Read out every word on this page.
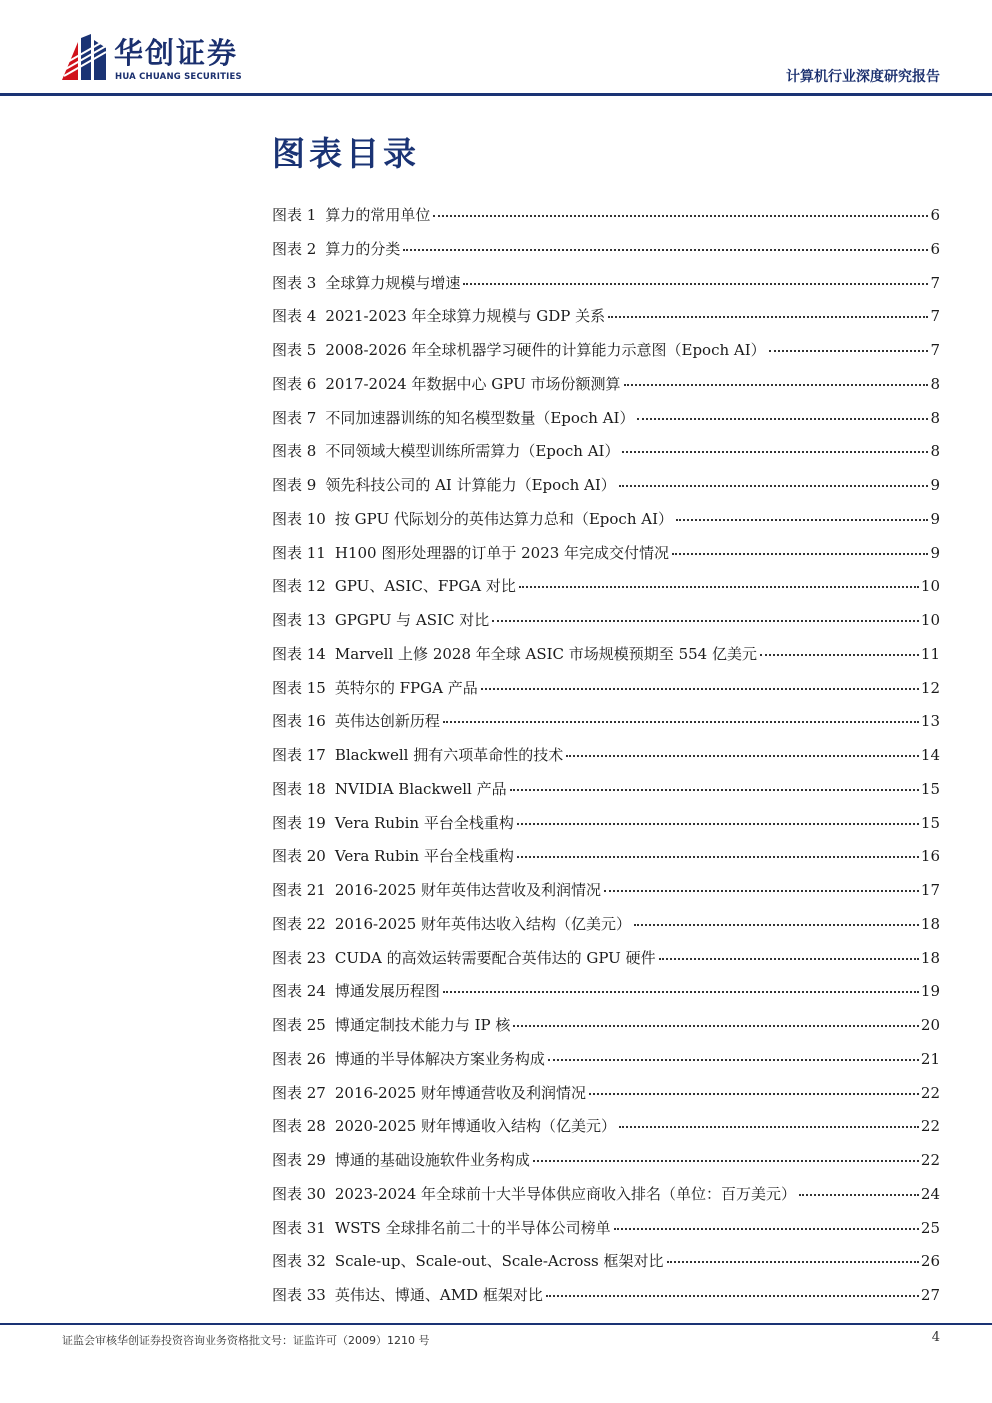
华创证券
HUA CHUANG SECURITIES	计算机行业深度研究报告
图表目录
图表 1 算力的常用单位	6
图表 2 算力的分类	6
图表 3 全球算力规模与增速	7
图表 4 2021-2023 年全球算力规模与 GDP 关系	7
图表 5 2008-2026 年全球机器学习硬件的计算能力示意图（Epoch AI）	7
图表 6 2017-2024 年数据中心 GPU 市场份额测算	8
图表 7 不同加速器训练的知名模型数量（Epoch AI）	8
图表 8 不同领域大模型训练所需算力（Epoch AI）	8
图表 9 领先科技公司的 AI 计算能力（Epoch AI）	9
图表 10 按 GPU 代际划分的英伟达算力总和（Epoch AI）	9
图表 11 H100 图形处理器的订单于 2023 年完成交付情况	9
图表 12 GPU、ASIC、FPGA 对比	10
图表 13 GPGPU 与 ASIC 对比	10
图表 14 Marvell 上修 2028 年全球 ASIC 市场规模预期至 554 亿美元	11
图表 15 英特尔的 FPGA 产品	12
图表 16 英伟达创新历程	13
图表 17 Blackwell 拥有六项革命性的技术	14
图表 18 NVIDIA Blackwell 产品	15
图表 19 Vera Rubin 平台全栈重构	15
图表 20 Vera Rubin 平台全栈重构	16
图表 21 2016-2025 财年英伟达营收及利润情况	17
图表 22 2016-2025 财年英伟达收入结构（亿美元）	18
图表 23 CUDA 的高效运转需要配合英伟达的 GPU 硬件	18
图表 24 博通发展历程图	19
图表 25 博通定制技术能力与 IP 核	20
图表 26 博通的半导体解决方案业务构成	21
图表 27 2016-2025 财年博通营收及利润情况	22
图表 28 2020-2025 财年博通收入结构（亿美元）	22
图表 29 博通的基础设施软件业务构成	22
图表 30 2023-2024 年全球前十大半导体供应商收入排名（单位：百万美元）	24
图表 31 WSTS 全球排名前二十的半导体公司榜单	25
图表 32 Scale-up、Scale-out、Scale-Across 框架对比	26
图表 33 英伟达、博通、AMD 框架对比	27
证监会审核华创证券投资咨询业务资格批文号：证监许可（2009）1210 号	4
